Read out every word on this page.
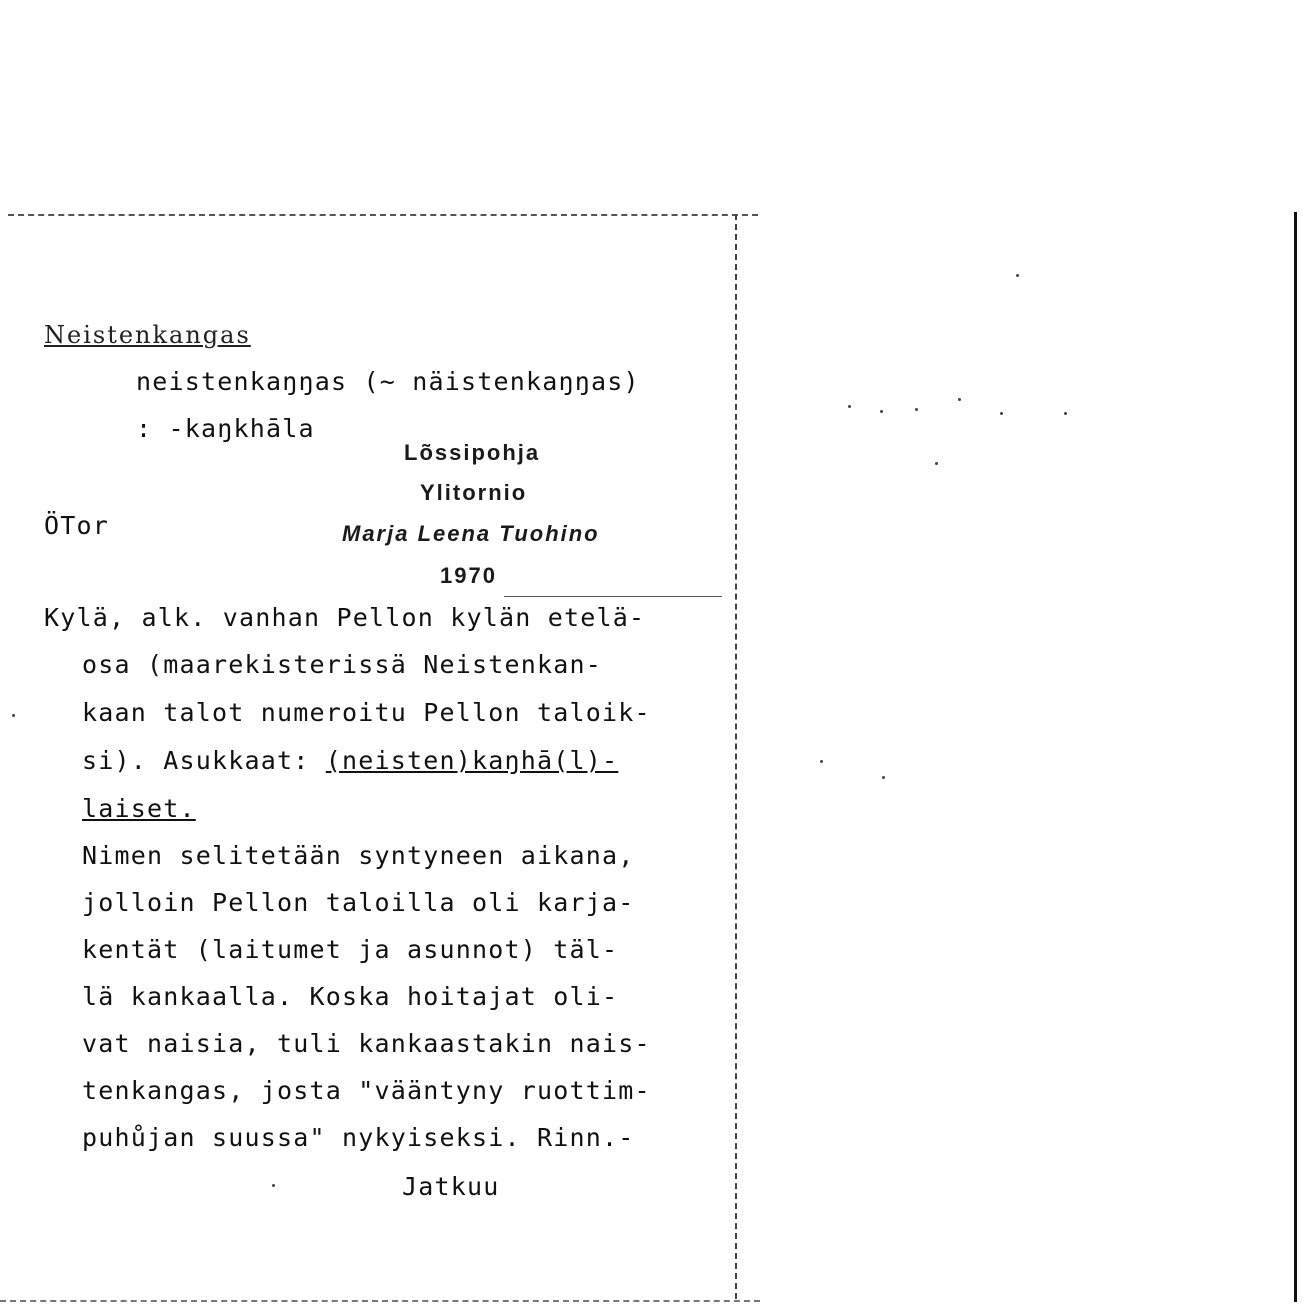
Neistenkangas
neistenkaŋŋas (~ näistenkaŋŋas)
: -kaŋkhāla
Lõssipohja
Ylitornio
ÖTor	Marja Leena Tuohino
1970
Kylä, alk. vanhan Pellon kylän etelä-
osa (maarekisterissä Neistenkan-
kaan talot numeroitu Pellon taloik-
si). Asukkaat: (neisten)kaŋhā(l)-
laiset.
Nimen selitetään syntyneen aikana,
jolloin Pellon taloilla oli karja-
kentät (laitumet ja asunnot) täl-
lä kankaalla. Koska hoitajat oli-
vat naisia, tuli kankaastakin nais-
tenkangas, josta "vääntyny ruottim-
puhůjan suussa" nykyiseksi. Rinn.-
Jatkuu
